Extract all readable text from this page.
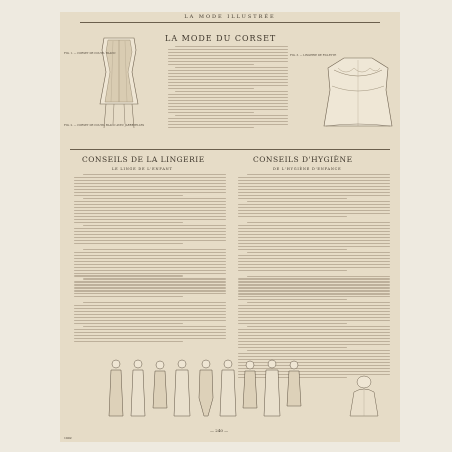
LA MODE ILLUSTRÉE
FIG. 1. — CORSET DE COUTIL BLANC
FIG. 2. — CORSET DE COUTIL BLANC AVEC JARRETELLES
LA MODE DU CORSET
FIG. 3. — LINGERIE DE FILLETTE
CONSEILS DE LA LINGERIE
LE LINGE DE L'ENFANT
CONSEILS D'HYGIÈNE
DE L'HYGIÈNE D'ENFANCE
— 240 —
1902
